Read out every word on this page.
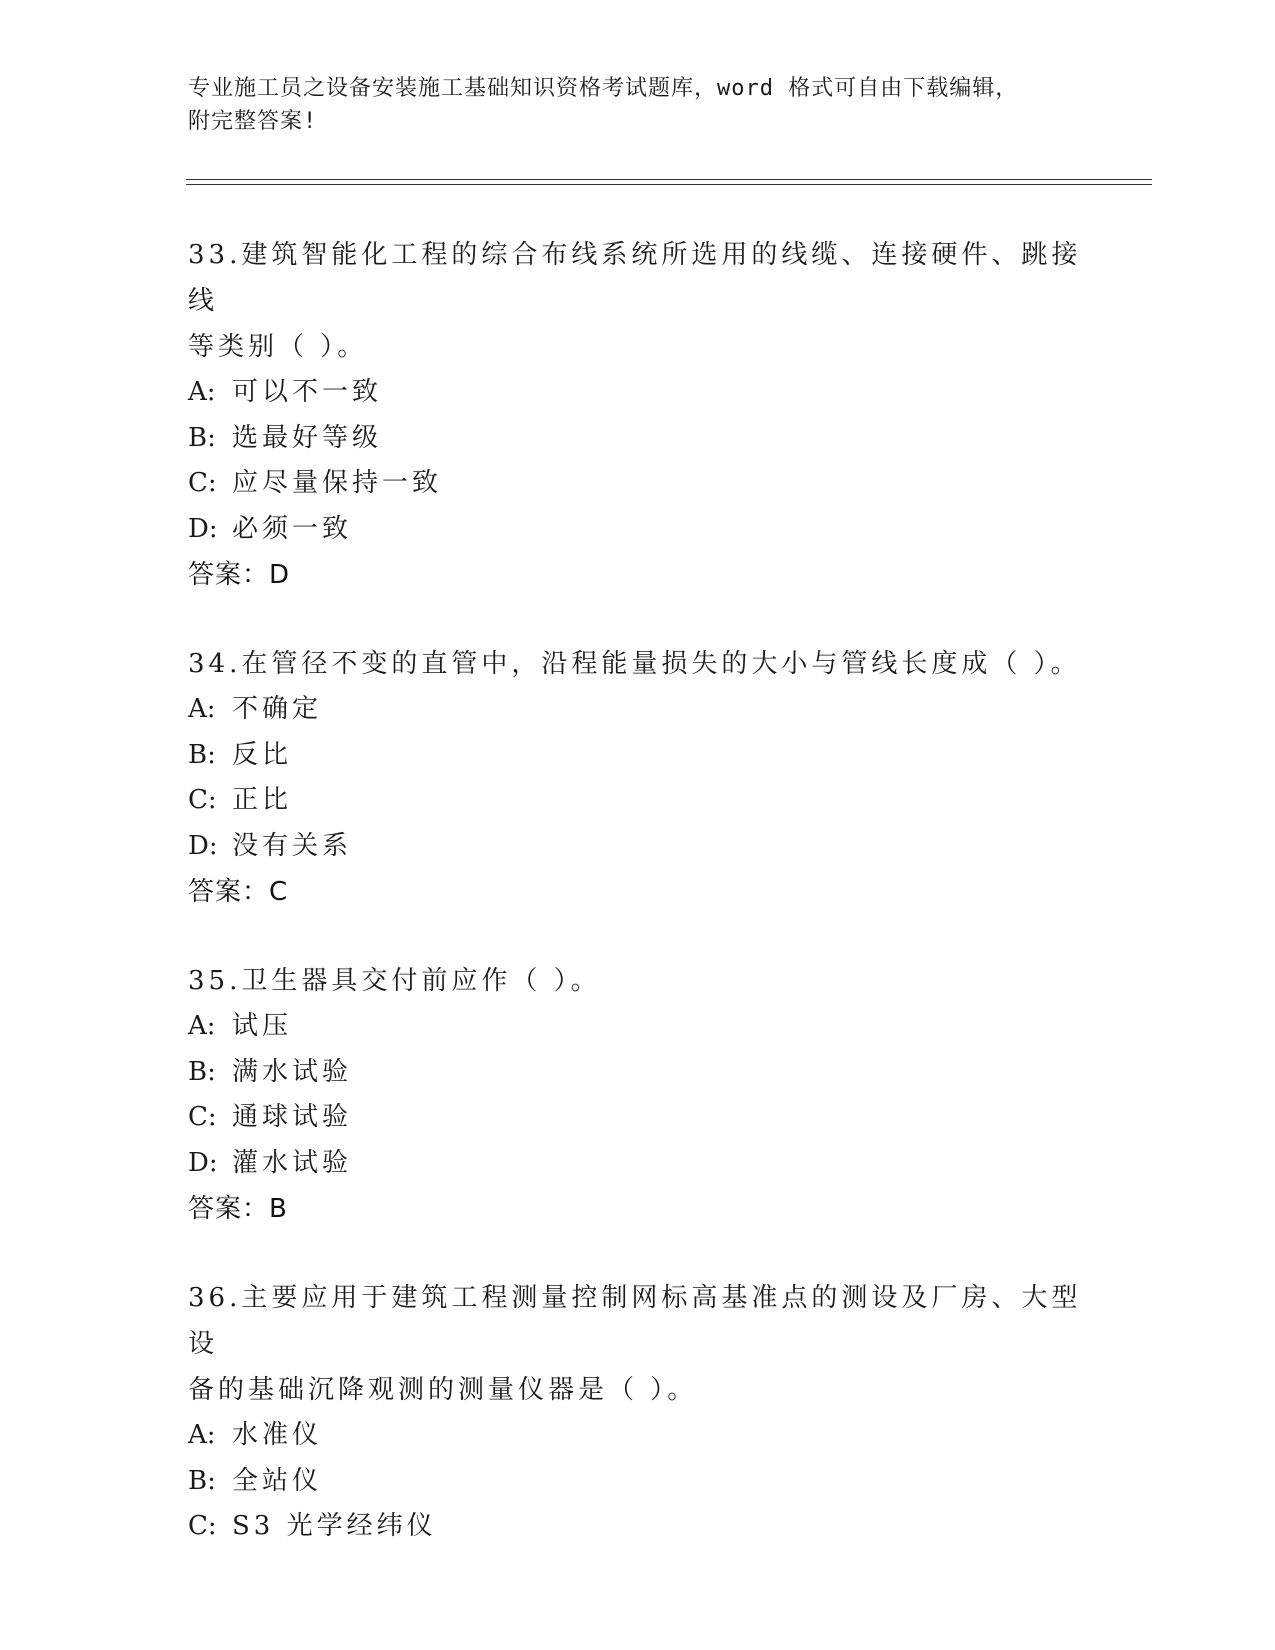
专业施工员之设备安装施工基础知识资格考试题库，word 格式可自由下载编辑，
附完整答案!
33.建筑智能化工程的综合布线系统所选用的线缆、连接硬件、跳接线
等类别（ ）。
A: 可以不一致
B: 选最好等级
C: 应尽量保持一致
D: 必须一致
答案：D
34.在管径不变的直管中，沿程能量损失的大小与管线长度成（ ）。
A: 不确定
B: 反比
C: 正比
D: 没有关系
答案：C
35.卫生器具交付前应作（ ）。
A: 试压
B: 满水试验
C: 通球试验
D: 灌水试验
答案：B
36.主要应用于建筑工程测量控制网标高基准点的测设及厂房、大型设
备的基础沉降观测的测量仪器是（ ）。
A: 水准仪
B: 全站仪
C: S3 光学经纬仪
